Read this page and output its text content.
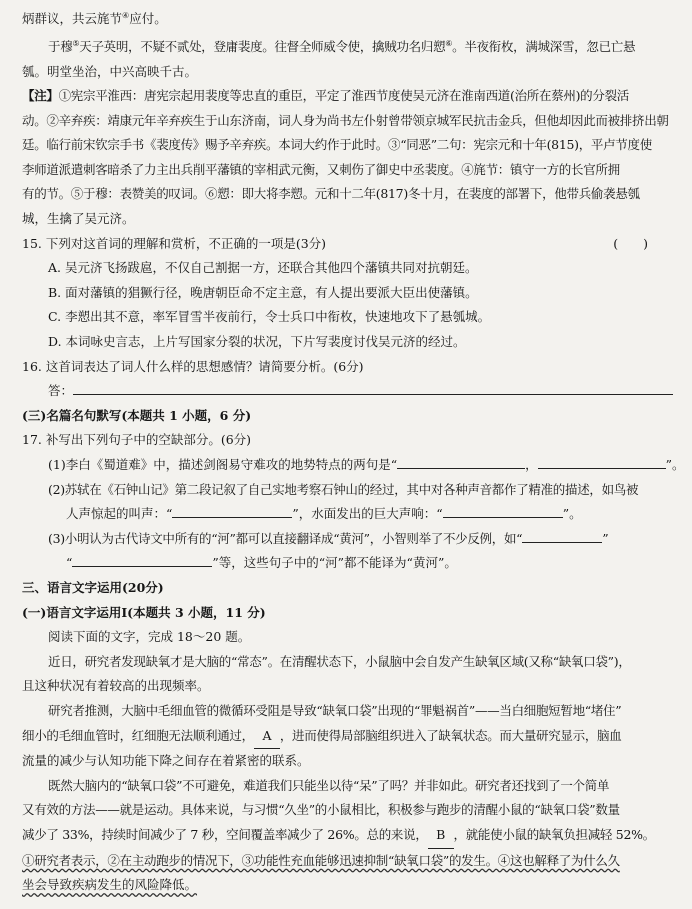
炳群议，共云旄节④应付。
于穆⑤天子英明，不疑不贰处，登庸裴度。往督全师威令使，擒贼功名归愬⑥。半夜衔枚，满城深雪，忽已亡悬
瓠。明堂坐治，中兴高映千古。
【注】①宪宗平淮西：唐宪宗起用裴度等忠直的重臣，平定了淮西节度使吴元济在淮南西道(治所在蔡州)的分裂活
动。②辛弃疾：靖康元年辛弃疾生于山东济南，词人身为尚书左仆射曾带领京城军民抗击金兵，但他却因此而被排挤出朝
廷。临行前宋钦宗手书《裴度传》赐予辛弃疾。本词大约作于此时。③“同恶”二句：宪宗元和十年(815)，平卢节度使
李师道派遣刺客暗杀了力主出兵削平藩镇的宰相武元衡，又刺伤了御史中丞裴度。④旄节：镇守一方的长官所拥
有的节。⑤于穆：表赞美的叹词。⑥愬：即大将李愬。元和十二年(817)冬十月，在裴度的部署下，他带兵偷袭悬瓠
城，生擒了吴元济。
15. 下列对这首词的理解和赏析，不正确的一项是(3分)	(　　)
A. 吴元济飞扬跋扈，不仅自己割据一方，还联合其他四个藩镇共同对抗朝廷。
B. 面对藩镇的猖獗行径，晚唐朝臣命不定主意，有人提出要派大臣出使藩镇。
C. 李愬出其不意，率军冒雪半夜前行，令士兵口中衔枚，快速地攻下了悬瓠城。
D. 本词咏史言志，上片写国家分裂的状况，下片写裴度讨伐吴元济的经过。
16. 这首词表达了词人什么样的思想感情？请简要分析。(6分)
答：
(三)名篇名句默写(本题共 1 小题，6 分)
17. 补写出下列句子中的空缺部分。(6分)
(1)李白《蜀道难》中，描述剑阁易守难攻的地势特点的两句是“	，	”。
(2)苏轼在《石钟山记》第二段记叙了自己实地考察石钟山的经过，其中对各种声音都作了精准的描述，如鸟被
人声惊起的叫声：“	”，水面发出的巨大声响：“	”。
(3)小明认为古代诗文中所有的“河”都可以直接翻译成“黄河”，小智则举了不少反例，如“	”
“	”等，这些句子中的“河”都不能译为“黄河”。
三、语言文字运用(20分)
(一)语言文字运用Ⅰ(本题共 3 小题，11 分)
阅读下面的文字，完成 18～20 题。
近日，研究者发现缺氧才是大脑的“常态”。在清醒状态下，小鼠脑中会自发产生缺氧区域(又称“缺氧口袋”)，
且这种状况有着较高的出现频率。
研究者推测，大脑中毛细血管的微循环受阻是导致“缺氧口袋”出现的“罪魁祸首”——当白细胞短暂地“堵住”
细小的毛细血管时，红细胞无法顺利通过， A ，进而使得局部脑组织进入了缺氧状态。而大量研究显示，脑血
流量的减少与认知功能下降之间存在着紧密的联系。
既然大脑内的“缺氧口袋”不可避免，难道我们只能坐以待“呆”了吗？并非如此。研究者还找到了一个简单
又有效的方法——就是运动。具体来说，与习惯“久坐”的小鼠相比，积极参与跑步的清醒小鼠的“缺氧口袋”数量
减少了 33%，持续时间减少了 7 秒，空间覆盖率减少了 26%。总的来说， B ，就能使小鼠的缺氧负担减轻 52%。
①研究者表示，②在主动跑步的情况下，③功能性充血能够迅速抑制“缺氧口袋”的发生。④这也解释了为什么久
坐会导致疾病发生的风险降低。
